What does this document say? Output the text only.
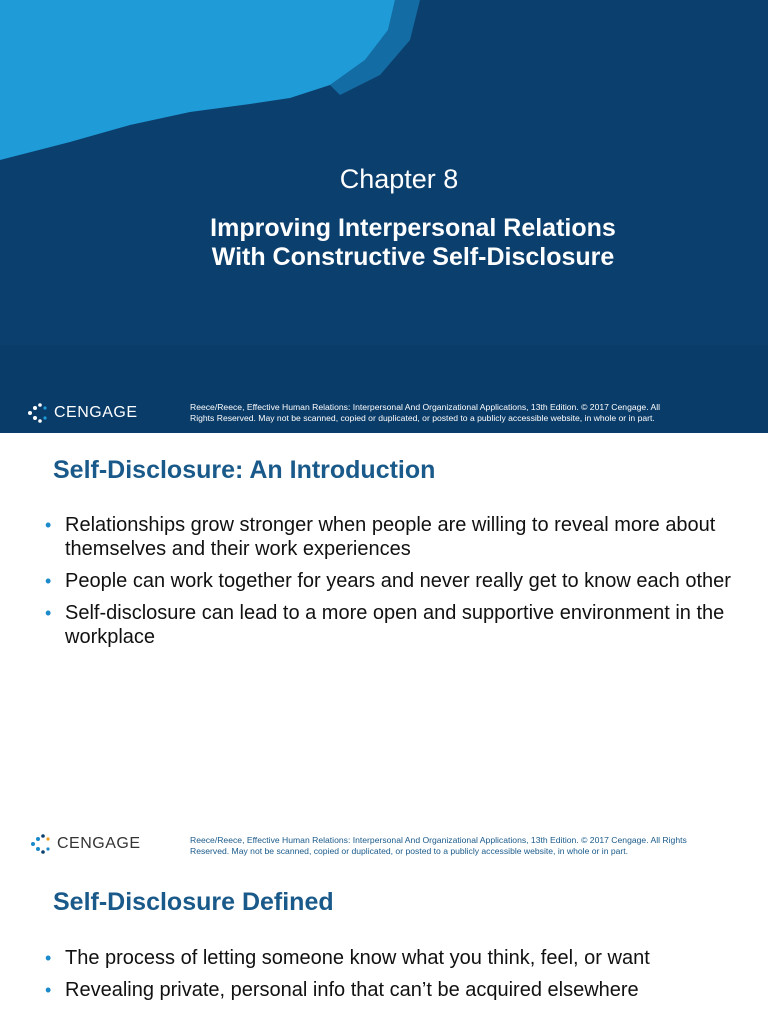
Chapter 8
Improving Interpersonal Relations
With Constructive Self-Disclosure
CENGAGE	Reece/Reece, Effective Human Relations: Interpersonal And Organizational Applications, 13th Edition. © 2017 Cengage. All
Rights Reserved. May not be scanned, copied or duplicated, or posted to a publicly accessible website, in whole or in part.
Self-Disclosure: An Introduction
• Relationships grow stronger when people are willing to reveal more about themselves and their work experiences
• People can work together for years and never really get to know each other
• Self-disclosure can lead to a more open and supportive environment in the workplace
CENGAGE	Reece/Reece, Effective Human Relations: Interpersonal And Organizational Applications, 13th Edition. © 2017 Cengage. All Rights
Reserved. May not be scanned, copied or duplicated, or posted to a publicly accessible website, in whole or in part.
Self-Disclosure Defined
• The process of letting someone know what you think, feel, or want
• Revealing private, personal info that can’t be acquired elsewhere
